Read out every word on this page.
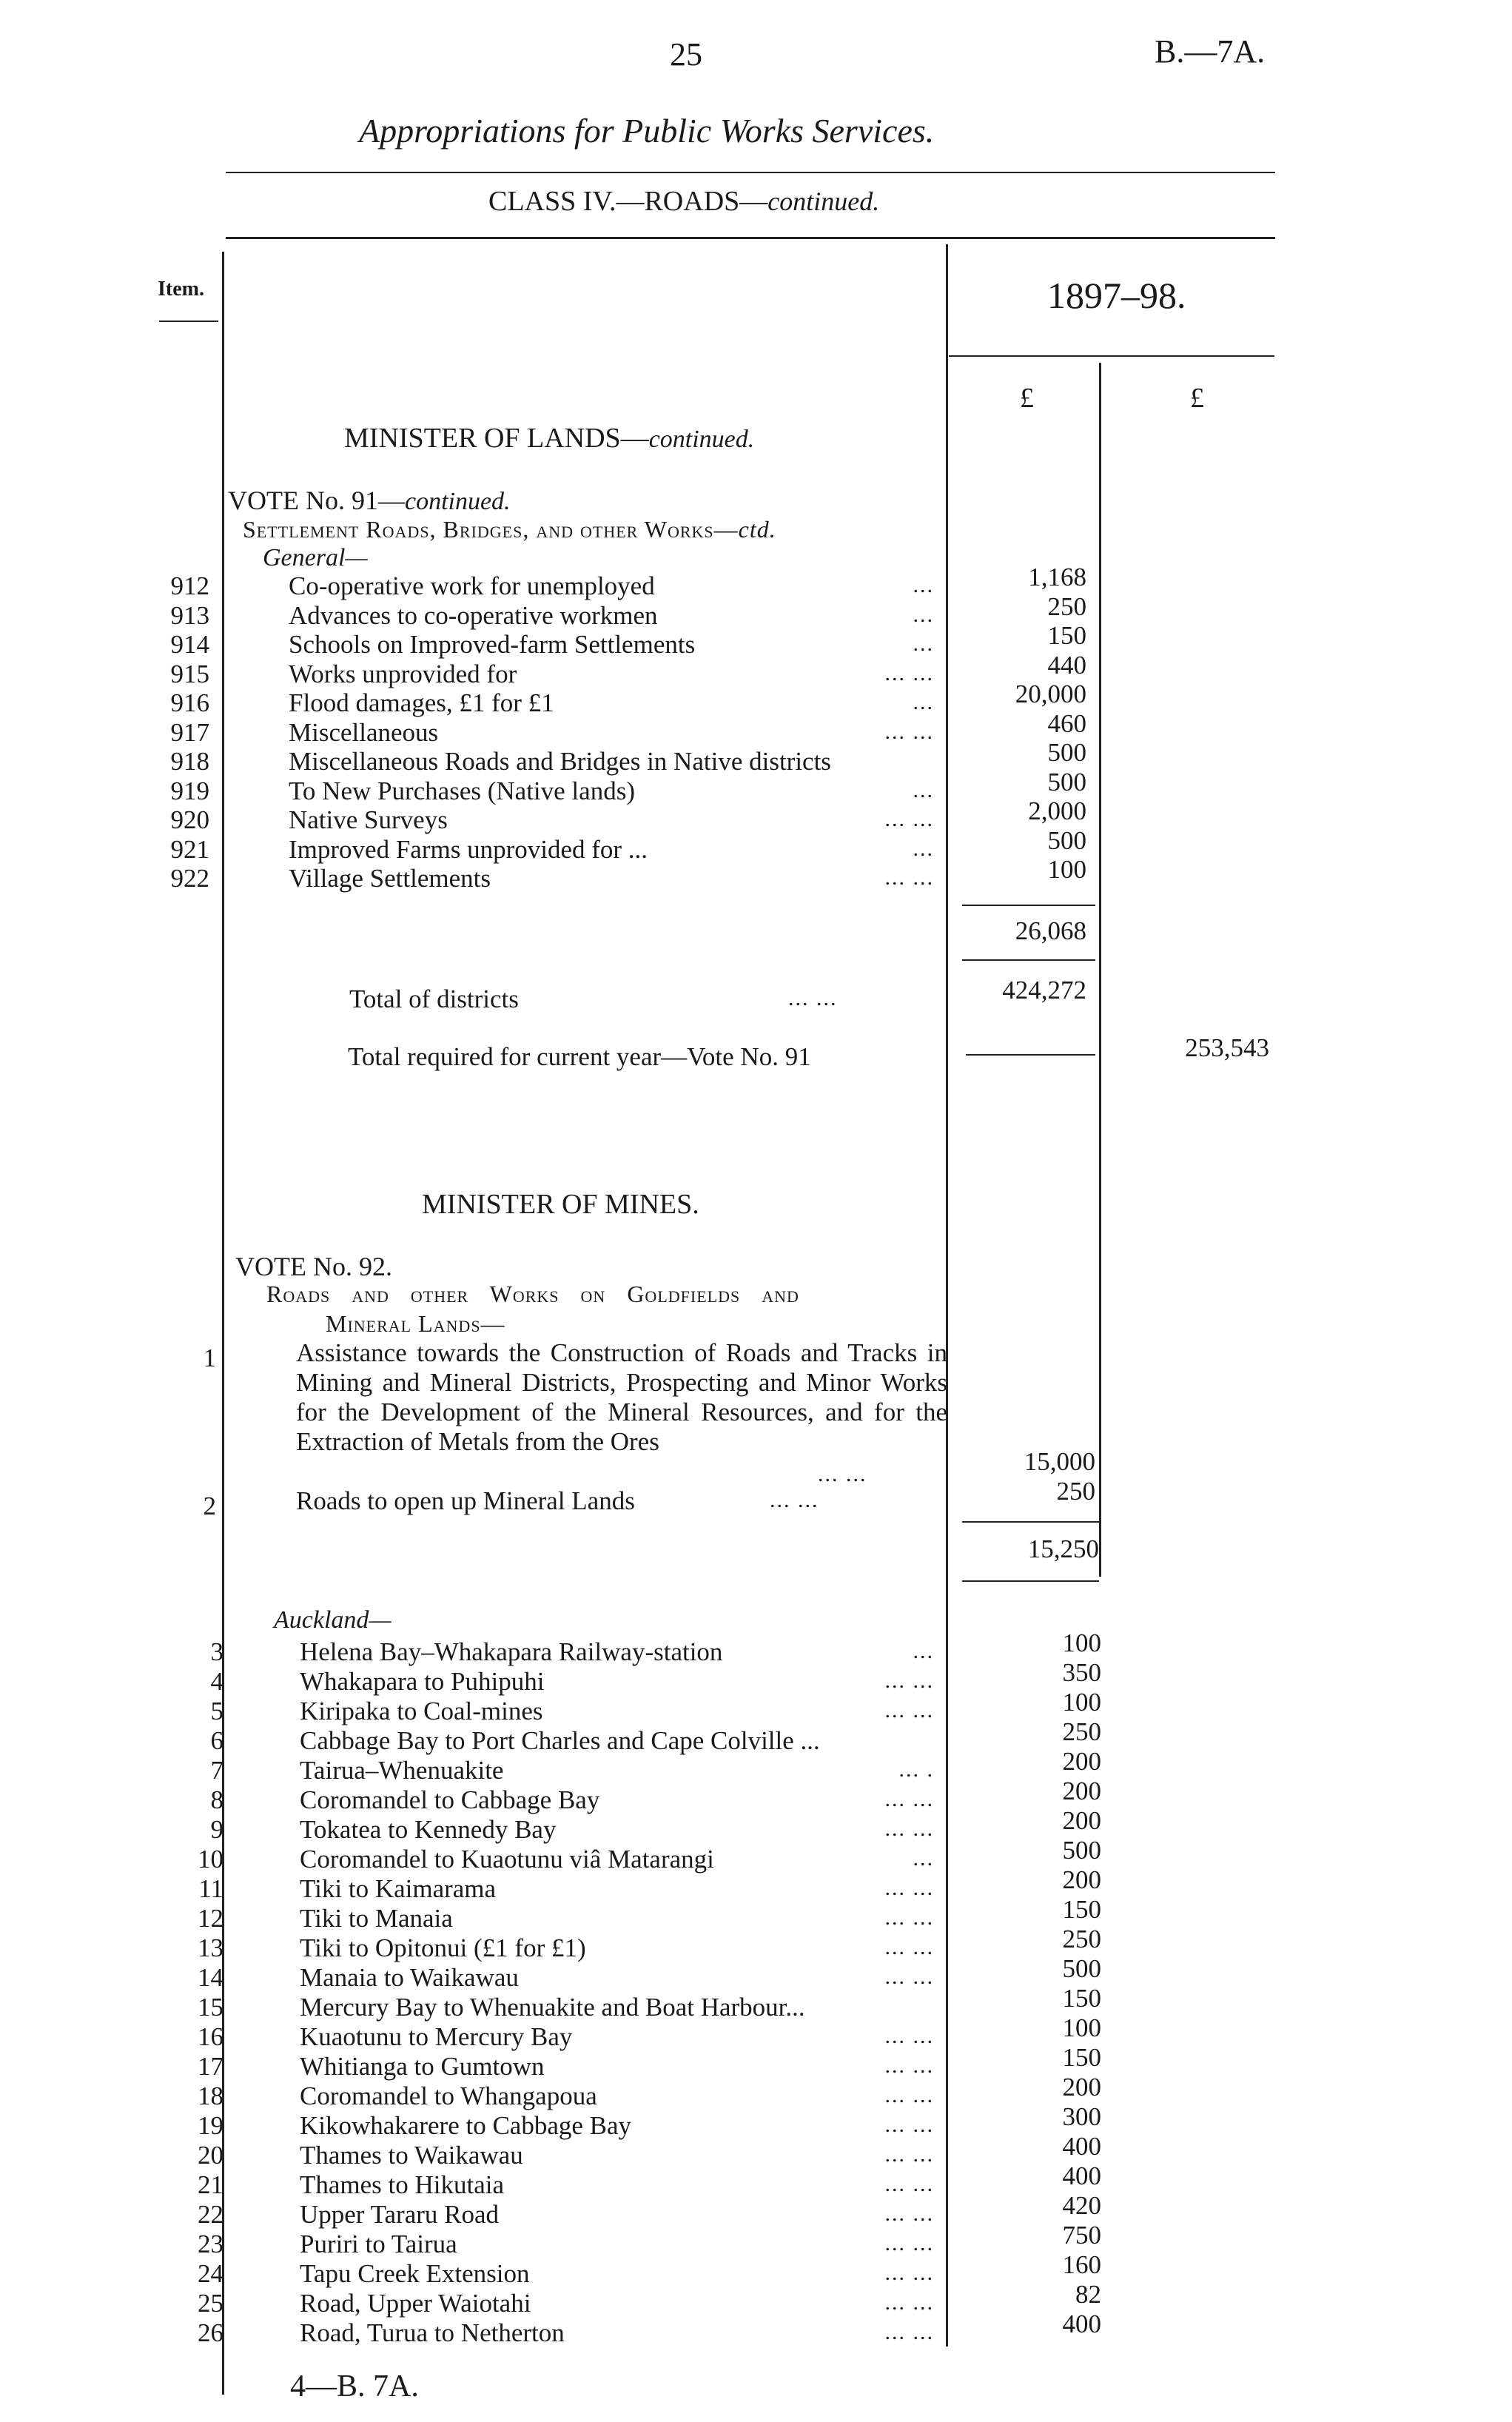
25	B.—7A.
Appropriations for Public Works Services.
CLASS IV.—ROADS—continued.
Item.	1897–98.
£	£
MINISTER OF LANDS—continued.
VOTE No. 91—continued.
Settlement Roads, Bridges, and other Works—ctd.
General—
912	Co-operative work for unemployed	...	1,168
913	Advances to co-operative workmen	...	250
914	Schools on Improved-farm Settlements	...	150
915	Works unprovided for	... ...	440
916	Flood damages, £1 for £1	...	20,000
917	Miscellaneous	... ...	460
918	Miscellaneous Roads and Bridges in Native districts	500
919	To New Purchases (Native lands)	...	500
920	Native Surveys	... ...	2,000
921	Improved Farms unprovided for ...	...	500
922	Village Settlements	... ...	100
26,068
Total of districts	... ...	424,272
Total required for current year—Vote No. 91	253,543
MINISTER OF MINES.
VOTE No. 92.
Roads and other Works on Goldfields and
Mineral Lands—
1	Assistance towards the Construction of Roads and Tracks in Mining and Mineral Districts, Prospecting and Minor Works for the Development of the Mineral Resources, and for the Extraction of Metals from the Ores
... ...	15,000
2	Roads to open up Mineral Lands	... ...	250
15,250
Auckland—
3	Helena Bay–Whakapara Railway-station	...	100
4	Whakapara to Puhipuhi	... ...	350
5	Kiripaka to Coal-mines	... ...	100
6	Cabbage Bay to Port Charles and Cape Colville ...	250
7	Tairua–Whenuakite	... .	200
8	Coromandel to Cabbage Bay	... ...	200
9	Tokatea to Kennedy Bay	... ...	200
10	Coromandel to Kuaotunu viâ Matarangi	...	500
11	Tiki to Kaimarama	... ...	200
12	Tiki to Manaia	... ...	150
13	Tiki to Opitonui (£1 for £1)	... ...	250
14	Manaia to Waikawau	... ...	500
15	Mercury Bay to Whenuakite and Boat Harbour...	150
16	Kuaotunu to Mercury Bay	... ...	100
17	Whitianga to Gumtown	... ...	150
18	Coromandel to Whangapoua	... ...	200
19	Kikowhakarere to Cabbage Bay	... ...	300
20	Thames to Waikawau	... ...	400
21	Thames to Hikutaia	... ...	400
22	Upper Tararu Road	... ...	420
23	Puriri to Tairua	... ...	750
24	Tapu Creek Extension	... ...	160
25	Road, Upper Waiotahi	... ...	82
26	Road, Turua to Netherton	... ...	400
4—B. 7A.
